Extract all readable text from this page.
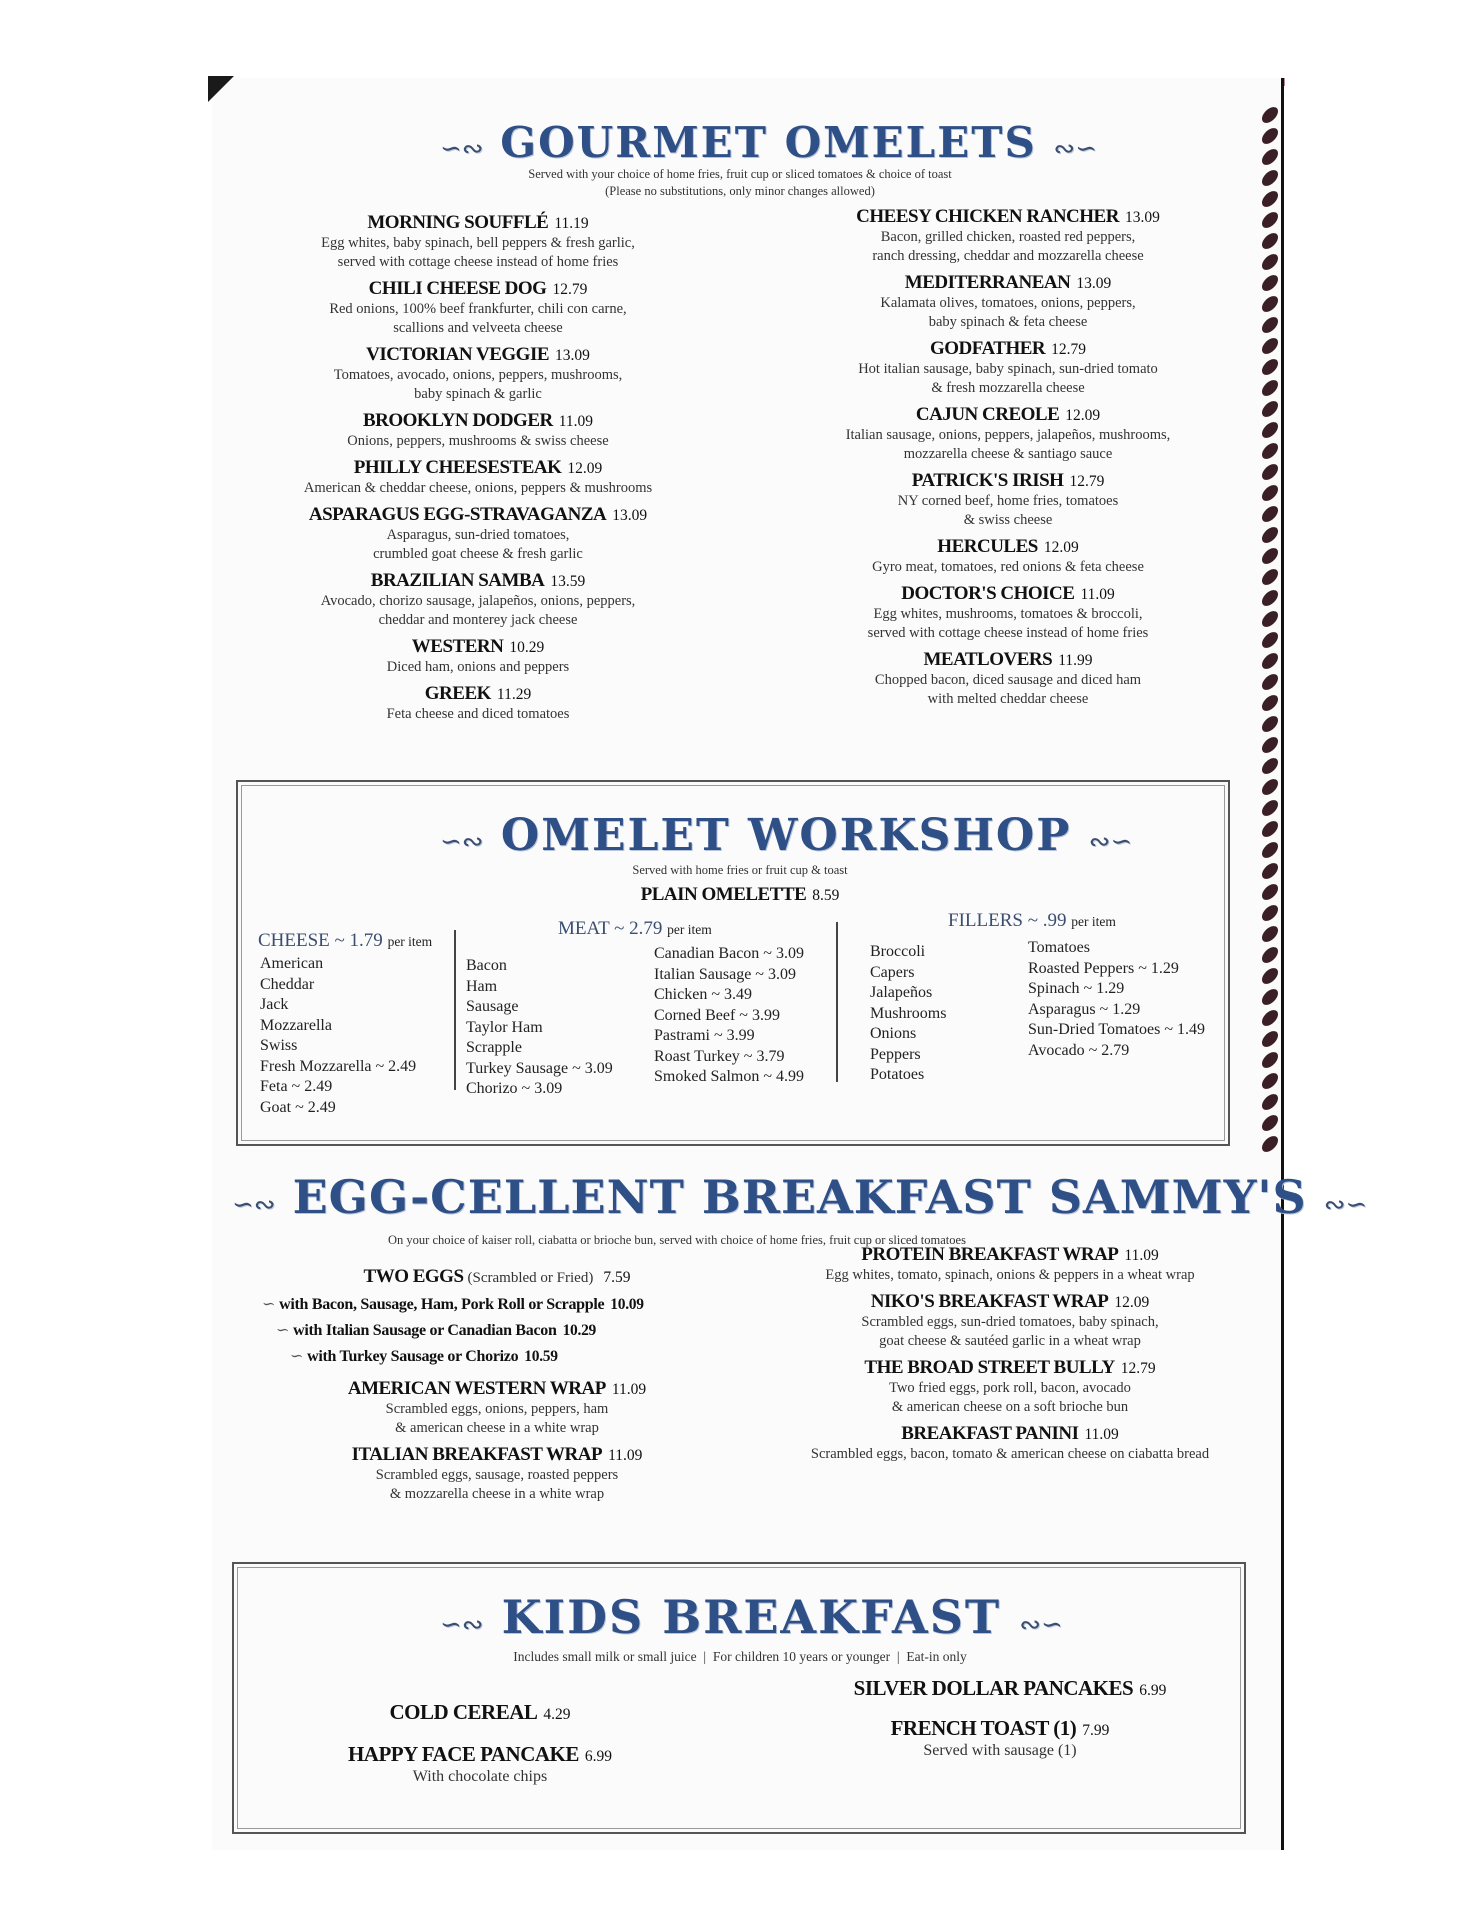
∽∾ GOURMET OMELETS ∾∽
Served with your choice of home fries, fruit cup or sliced tomatoes & choice of toast
(Please no substitutions, only minor changes allowed)
MORNING SOUFFLÉ 11.19
Egg whites, baby spinach, bell peppers & fresh garlic,
served with cottage cheese instead of home fries
CHILI CHEESE DOG 12.79
Red onions, 100% beef frankfurter, chili con carne,
scallions and velveeta cheese
VICTORIAN VEGGIE 13.09
Tomatoes, avocado, onions, peppers, mushrooms,
baby spinach & garlic
BROOKLYN DODGER 11.09
Onions, peppers, mushrooms & swiss cheese
PHILLY CHEESESTEAK 12.09
American & cheddar cheese, onions, peppers & mushrooms
ASPARAGUS EGG-STRAVAGANZA 13.09
Asparagus, sun-dried tomatoes,
crumbled goat cheese & fresh garlic
BRAZILIAN SAMBA 13.59
Avocado, chorizo sausage, jalapeños, onions, peppers,
cheddar and monterey jack cheese
WESTERN 10.29
Diced ham, onions and peppers
GREEK 11.29
Feta cheese and diced tomatoes
CHEESY CHICKEN RANCHER 13.09
Bacon, grilled chicken, roasted red peppers,
ranch dressing, cheddar and mozzarella cheese
MEDITERRANEAN 13.09
Kalamata olives, tomatoes, onions, peppers,
baby spinach & feta cheese
GODFATHER 12.79
Hot italian sausage, baby spinach, sun-dried tomato
& fresh mozzarella cheese
CAJUN CREOLE 12.09
Italian sausage, onions, peppers, jalapeños, mushrooms,
mozzarella cheese & santiago sauce
PATRICK'S IRISH 12.79
NY corned beef, home fries, tomatoes
& swiss cheese
HERCULES 12.09
Gyro meat, tomatoes, red onions & feta cheese
DOCTOR'S CHOICE 11.09
Egg whites, mushrooms, tomatoes & broccoli,
served with cottage cheese instead of home fries
MEATLOVERS 11.99
Chopped bacon, diced sausage and diced ham
with melted cheddar cheese
∽∾ OMELET WORKSHOP ∾∽
Served with home fries or fruit cup & toast
PLAIN OMELETTE 8.59
CHEESE ~ 1.79 per item
American
Cheddar
Jack
Mozzarella
Swiss
Fresh Mozzarella ~ 2.49
Feta ~ 2.49
Goat ~ 2.49
MEAT ~ 2.79 per item
Bacon
Ham
Sausage
Taylor Ham
Scrapple
Turkey Sausage ~ 3.09
Chorizo ~ 3.09
Canadian Bacon ~ 3.09
Italian Sausage ~ 3.09
Chicken ~ 3.49
Corned Beef ~ 3.99
Pastrami ~ 3.99
Roast Turkey ~ 3.79
Smoked Salmon ~ 4.99
FILLERS ~ .99 per item
Broccoli
Capers
Jalapeños
Mushrooms
Onions
Peppers
Potatoes
Tomatoes
Roasted Peppers ~ 1.29
Spinach ~ 1.29
Asparagus ~ 1.29
Sun-Dried Tomatoes ~ 1.49
Avocado ~ 2.79
∽∾ EGG-CELLENT BREAKFAST SAMMY'S ∾∽
On your choice of kaiser roll, ciabatta or brioche bun, served with choice of home fries, fruit cup or sliced tomatoes
TWO EGGS (Scrambled or Fried) 7.59
∽ with Bacon, Sausage, Ham, Pork Roll or Scrapple 10.09
∽ with Italian Sausage or Canadian Bacon 10.29
∽ with Turkey Sausage or Chorizo 10.59
AMERICAN WESTERN WRAP 11.09
Scrambled eggs, onions, peppers, ham
& american cheese in a white wrap
ITALIAN BREAKFAST WRAP 11.09
Scrambled eggs, sausage, roasted peppers
& mozzarella cheese in a white wrap
PROTEIN BREAKFAST WRAP 11.09
Egg whites, tomato, spinach, onions & peppers in a wheat wrap
NIKO'S BREAKFAST WRAP 12.09
Scrambled eggs, sun-dried tomatoes, baby spinach,
goat cheese & sautéed garlic in a wheat wrap
THE BROAD STREET BULLY 12.79
Two fried eggs, pork roll, bacon, avocado
& american cheese on a soft brioche bun
BREAKFAST PANINI 11.09
Scrambled eggs, bacon, tomato & american cheese on ciabatta bread
∽∾ KIDS BREAKFAST ∾∽
Includes small milk or small juice  |  For children 10 years or younger  |  Eat-in only
COLD CEREAL 4.29
HAPPY FACE PANCAKE 6.99
With chocolate chips
SILVER DOLLAR PANCAKES 6.99
FRENCH TOAST (1) 7.99
Served with sausage (1)
